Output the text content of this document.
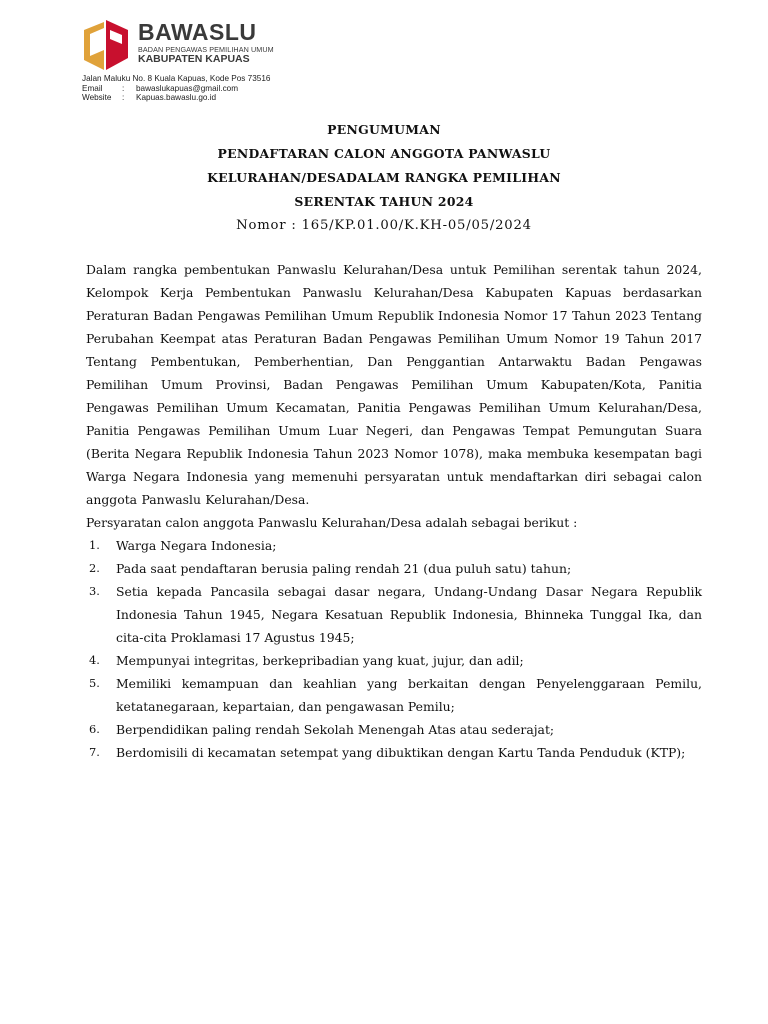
BAWASLU
BADAN PENGAWAS PEMILIHAN UMUM
KABUPATEN KAPUAS
Jalan Maluku No. 8 Kuala Kapuas, Kode Pos 73516
Email	:	bawaslukapuas@gmail.com
Website	:	Kapuas.bawaslu.go.id
PENGUMUMAN
PENDAFTARAN CALON ANGGOTA PANWASLU
KELURAHAN/DESADALAM RANGKA PEMILIHAN
SERENTAK TAHUN 2024
Nomor : 165/KP.01.00/K.KH-05/05/2024
Dalam rangka pembentukan Panwaslu Kelurahan/Desa untuk Pemilihan serentak tahun 2024, Kelompok Kerja Pembentukan Panwaslu Kelurahan/Desa Kabupaten Kapuas berdasarkan Peraturan Badan Pengawas Pemilihan Umum Republik Indonesia Nomor 17 Tahun 2023 Tentang Perubahan Keempat atas Peraturan Badan Pengawas Pemilihan Umum Nomor 19 Tahun 2017 Tentang Pembentukan, Pemberhentian, Dan Penggantian Antarwaktu Badan Pengawas Pemilihan Umum Provinsi, Badan Pengawas Pemilihan Umum Kabupaten/Kota, Panitia Pengawas Pemilihan Umum Kecamatan, Panitia Pengawas Pemilihan Umum Kelurahan/Desa, Panitia Pengawas Pemilihan Umum Luar Negeri, dan Pengawas Tempat Pemungutan Suara (Berita Negara Republik Indonesia Tahun 2023 Nomor 1078), maka membuka kesempatan bagi Warga Negara Indonesia yang memenuhi persyaratan untuk mendaftarkan diri sebagai calon anggota Panwaslu Kelurahan/Desa.
Persyaratan calon anggota Panwaslu Kelurahan/Desa adalah sebagai berikut :
1.	Warga Negara Indonesia;
2.	Pada saat pendaftaran berusia paling rendah 21 (dua puluh satu) tahun;
3.	Setia kepada Pancasila sebagai dasar negara, Undang-Undang Dasar Negara Republik Indonesia Tahun 1945, Negara Kesatuan Republik Indonesia, Bhinneka Tunggal Ika, dan cita-cita Proklamasi 17 Agustus 1945;
4.	Mempunyai integritas, berkepribadian yang kuat, jujur, dan adil;
5.	Memiliki kemampuan dan keahlian yang berkaitan dengan Penyelenggaraan Pemilu, ketatanegaraan, kepartaian, dan pengawasan Pemilu;
6.	Berpendidikan paling rendah Sekolah Menengah Atas atau sederajat;
7.	Berdomisili di kecamatan setempat yang dibuktikan dengan Kartu Tanda Penduduk (KTP);
